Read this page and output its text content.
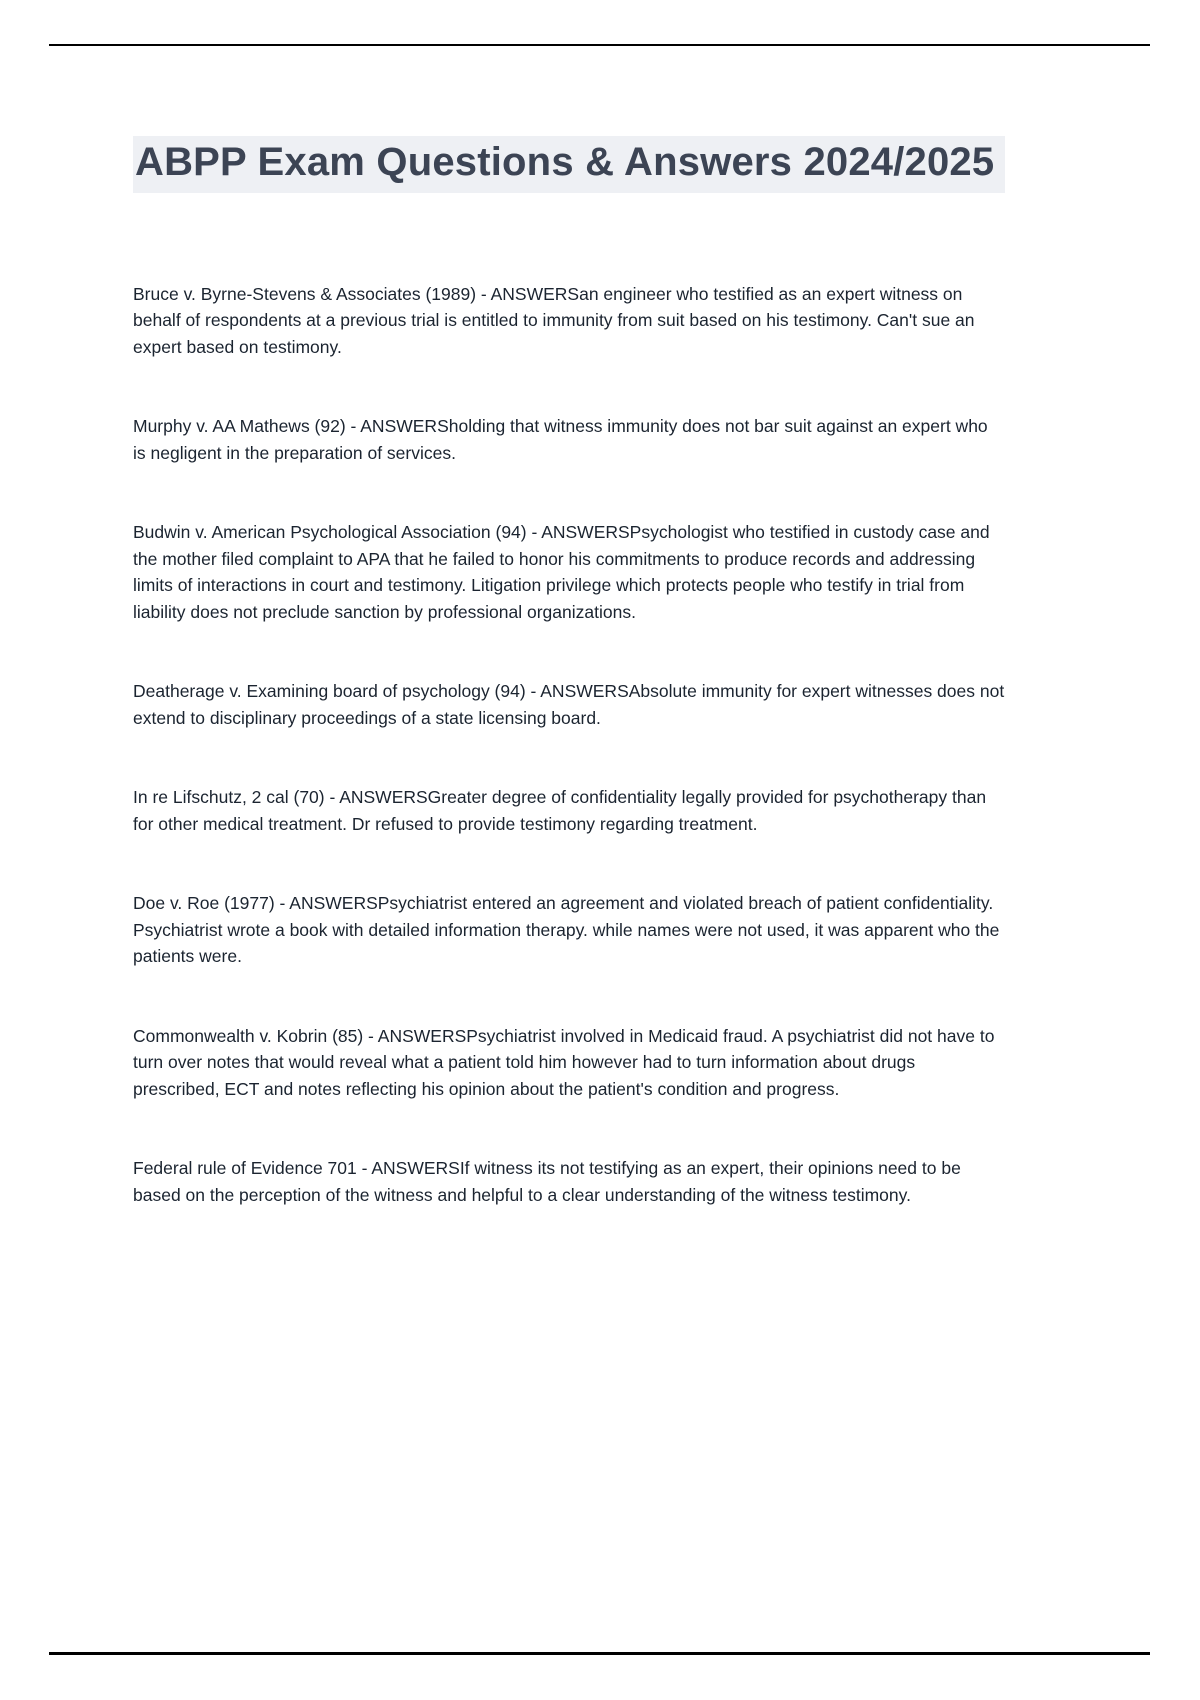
ABPP Exam Questions & Answers 2024/2025

Bruce v. Byrne-Stevens & Associates (1989) - ANSWERSan engineer who testified as an expert witness on behalf of respondents at a previous trial is entitled to immunity from suit based on his testimony. Can't sue an expert based on testimony.

Murphy v. AA Mathews (92) - ANSWERSholding that witness immunity does not bar suit against an expert who is negligent in the preparation of services.

Budwin v. American Psychological Association (94) - ANSWERSPsychologist who testified in custody case and the mother filed complaint to APA that he failed to honor his commitments to produce records and addressing limits of interactions in court and testimony. Litigation privilege which protects people who testify in trial from liability does not preclude sanction by professional organizations.

Deatherage v. Examining board of psychology (94) - ANSWERSAbsolute immunity for expert witnesses does not extend to disciplinary proceedings of a state licensing board.

In re Lifschutz, 2 cal (70) - ANSWERSGreater degree of confidentiality legally provided for psychotherapy than for other medical treatment. Dr refused to provide testimony regarding treatment.

Doe v. Roe (1977) - ANSWERSPsychiatrist entered an agreement and violated breach of patient confidentiality. Psychiatrist wrote a book with detailed information therapy. while names were not used, it was apparent who the patients were.

Commonwealth v. Kobrin (85) - ANSWERSPsychiatrist involved in Medicaid fraud. A psychiatrist did not have to turn over notes that would reveal what a patient told him however had to turn information about drugs prescribed, ECT and notes reflecting his opinion about the patient's condition and progress.

Federal rule of Evidence 701 - ANSWERSIf witness its not testifying as an expert, their opinions need to be based on the perception of the witness and helpful to a clear understanding of the witness testimony.
